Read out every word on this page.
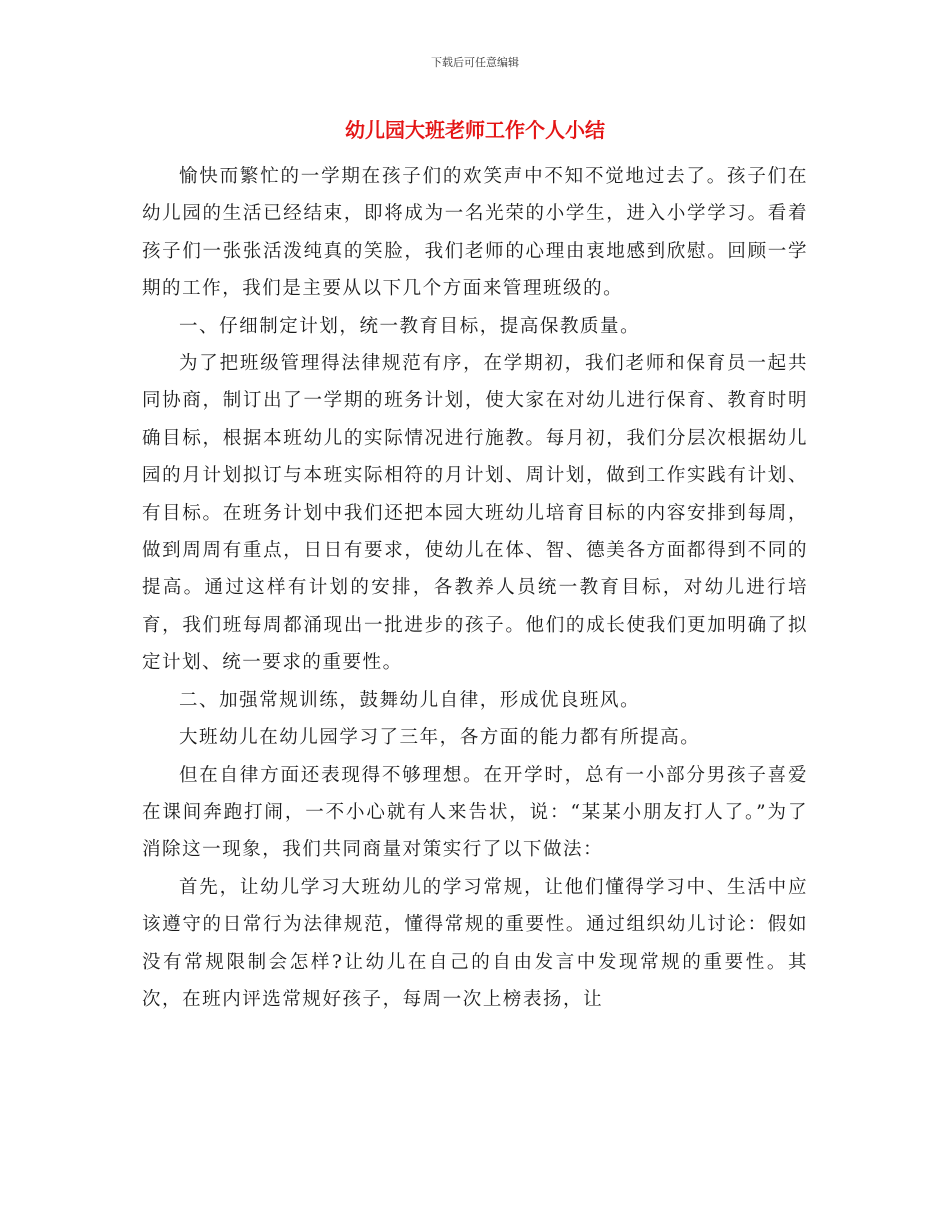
下载后可任意编辑
幼儿园大班老师工作个人小结

愉快而繁忙的一学期在孩子们的欢笑声中不知不觉地过去了。孩子们在幼儿园的生活已经结束，即将成为一名光荣的小学生，进入小学学习。看着孩子们一张张活泼纯真的笑脸，我们老师的心理由衷地感到欣慰。回顾一学期的工作，我们是主要从以下几个方面来管理班级的。

一、仔细制定计划，统一教育目标，提高保教质量。

为了把班级管理得法律规范有序，在学期初，我们老师和保育员一起共同协商，制订出了一学期的班务计划，使大家在对幼儿进行保育、教育时明确目标，根据本班幼儿的实际情况进行施教。每月初，我们分层次根据幼儿园的月计划拟订与本班实际相符的月计划、周计划，做到工作实践有计划、有目标。在班务计划中我们还把本园大班幼儿培育目标的内容安排到每周，做到周周有重点，日日有要求，使幼儿在体、智、德美各方面都得到不同的提高。通过这样有计划的安排，各教养人员统一教育目标，对幼儿进行培育，我们班每周都涌现出一批进步的孩子。他们的成长使我们更加明确了拟定计划、统一要求的重要性。

二、加强常规训练，鼓舞幼儿自律，形成优良班风。

大班幼儿在幼儿园学习了三年，各方面的能力都有所提高。

但在自律方面还表现得不够理想。在开学时，总有一小部分男孩子喜爱在课间奔跑打闹，一不小心就有人来告状，说：“某某小朋友打人了。”为了消除这一现象，我们共同商量对策实行了以下做法：

首先，让幼儿学习大班幼儿的学习常规，让他们懂得学习中、生活中应该遵守的日常行为法律规范，懂得常规的重要性。通过组织幼儿讨论：假如没有常规限制会怎样?让幼儿在自己的自由发言中发现常规的重要性。其次，在班内评选常规好孩子，每周一次上榜表扬，让
